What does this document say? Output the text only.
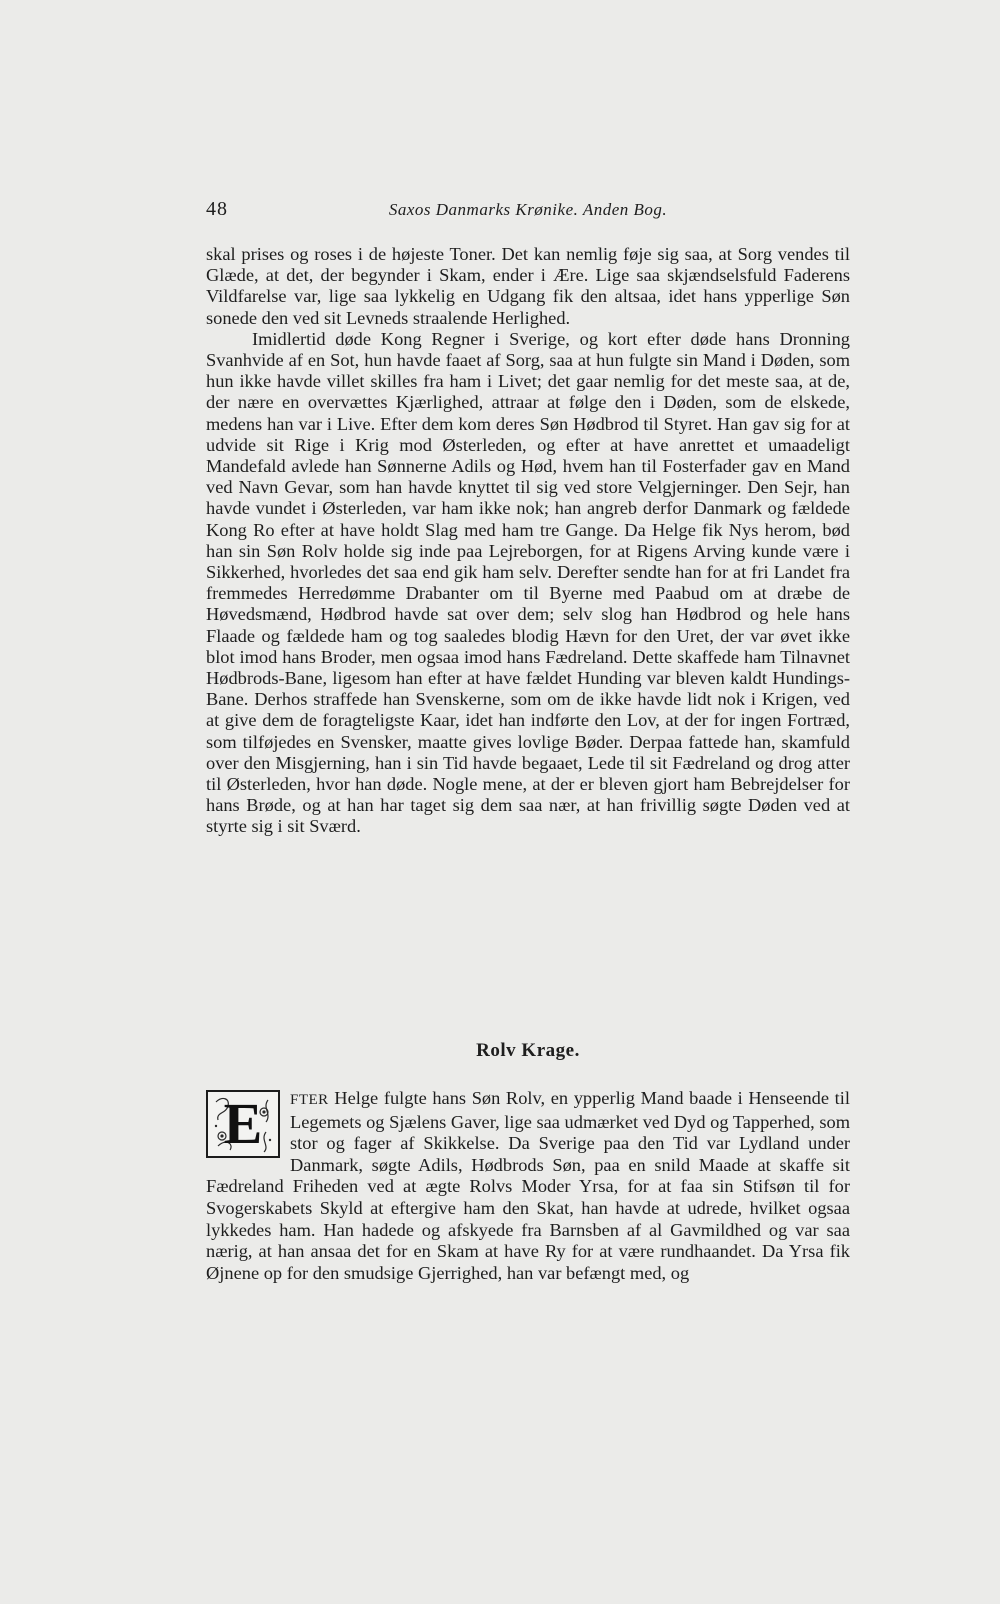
48	Saxos Danmarks Krønike. Anden Bog.

skal prises og roses i de højeste Toner. Det kan nemlig føje sig saa, at Sorg vendes til Glæde, at det, der begynder i Skam, ender i Ære. Lige saa skjændselsfuld Faderens Vildfarelse var, lige saa lykkelig en Udgang fik den altsaa, idet hans ypperlige Søn sonede den ved sit Levneds straalende Herlighed.

Imidlertid døde Kong Regner i Sverige, og kort efter døde hans Dronning Svanhvide af en Sot, hun havde faaet af Sorg, saa at hun fulgte sin Mand i Døden, som hun ikke havde villet skilles fra ham i Livet; det gaar nemlig for det meste saa, at de, der nære en overvættes Kjærlighed, attraar at følge den i Døden, som de elskede, medens han var i Live. Efter dem kom deres Søn Hødbrod til Styret. Han gav sig for at udvide sit Rige i Krig mod Østerleden, og efter at have anrettet et umaadeligt Mandefald avlede han Sønnerne Adils og Hød, hvem han til Fosterfader gav en Mand ved Navn Gevar, som han havde knyttet til sig ved store Velgjerninger. Den Sejr, han havde vundet i Østerleden, var ham ikke nok; han angreb derfor Danmark og fældede Kong Ro efter at have holdt Slag med ham tre Gange. Da Helge fik Nys herom, bød han sin Søn Rolv holde sig inde paa Lejreborgen, for at Rigens Arving kunde være i Sikkerhed, hvorledes det saa end gik ham selv. Derefter sendte han for at fri Landet fra fremmedes Herredømme Drabanter om til Byerne med Paabud om at dræbe de Høvedsmænd, Hødbrod havde sat over dem; selv slog han Hødbrod og hele hans Flaade og fældede ham og tog saaledes blodig Hævn for den Uret, der var øvet ikke blot imod hans Broder, men ogsaa imod hans Fædreland. Dette skaffede ham Tilnavnet Hødbrods-Bane, ligesom han efter at have fældet Hunding var bleven kaldt Hundings-Bane. Derhos straffede han Svenskerne, som om de ikke havde lidt nok i Krigen, ved at give dem de foragteligste Kaar, idet han indførte den Lov, at der for ingen Fortræd, som tilføjedes en Svensker, maatte gives lovlige Bøder. Derpaa fattede han, skamfuld over den Misgjerning, han i sin Tid havde begaaet, Lede til sit Fædreland og drog atter til Østerleden, hvor han døde. Nogle mene, at der er bleven gjort ham Bebrejdelser for hans Brøde, og at han har taget sig dem saa nær, at han frivillig søgte Døden ved at styrte sig i sit Sværd.

Rolv Krage.
E	FTER Helge fulgte hans Søn Rolv, en ypperlig Mand baade i Henseende til Legemets og Sjælens Gaver, lige saa udmærket ved Dyd og Tapperhed, som stor og fager af Skikkelse. Da Sverige paa den Tid var Lydland under Danmark, søgte Adils, Hødbrods Søn, paa en snild Maade at skaffe sit Fædreland Friheden ved at ægte Rolvs Moder Yrsa, for at faa sin Stifsøn til for Svogerskabets Skyld at eftergive ham den Skat, han havde at udrede, hvilket ogsaa lykkedes ham. Han hadede og afskyede fra Barnsben af al Gavmildhed og var saa nærig, at han ansaa det for en Skam at have Ry for at være rundhaandet. Da Yrsa fik Øjnene op for den smudsige Gjerrighed, han var befængt med, og
